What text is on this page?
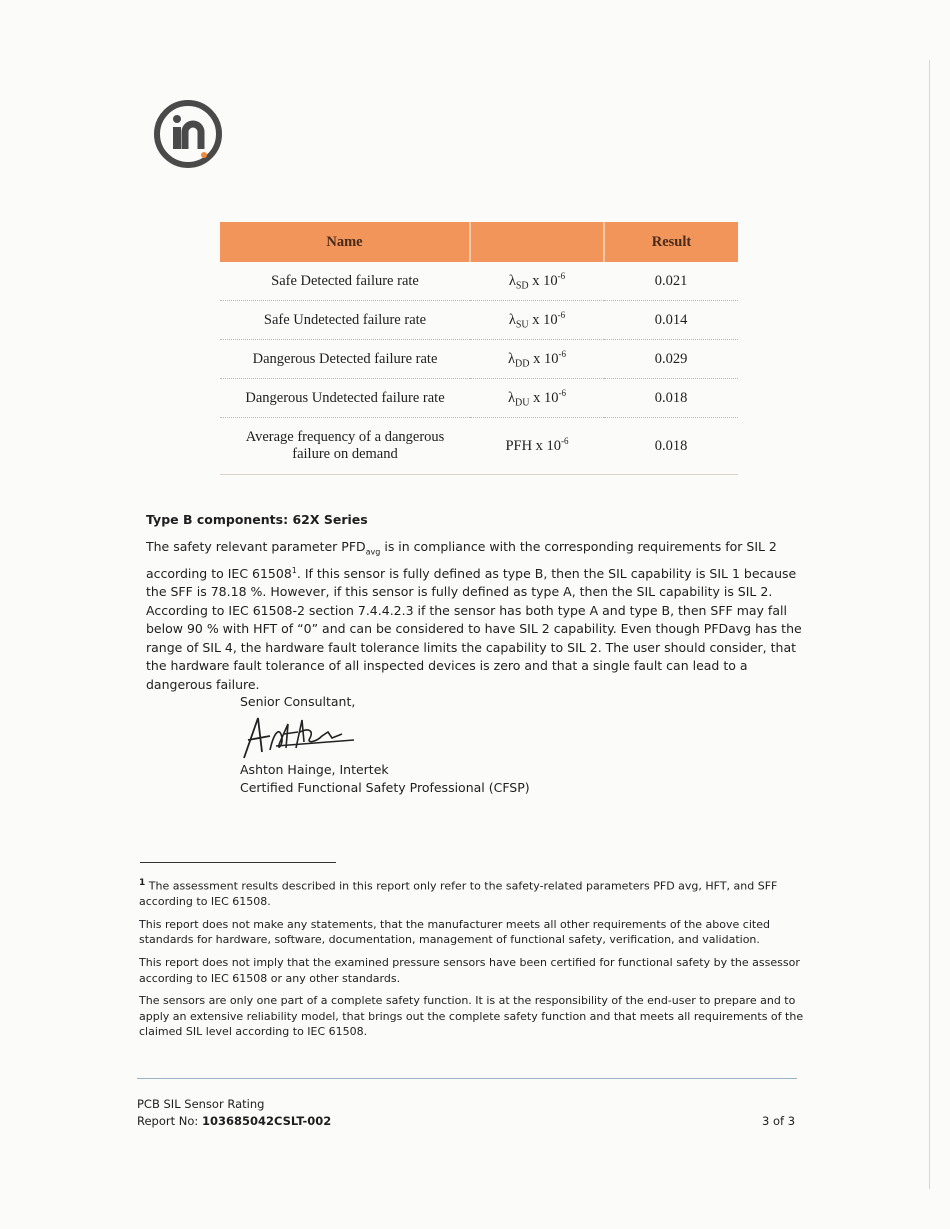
Name		Result
Safe Detected failure rate	$\lambda_{SD}$ x $10^{-6}$	0.021
Safe Undetected failure rate	$\lambda_{SU}$ x $10^{-6}$	0.014
Dangerous Detected failure rate	$\lambda_{DD}$ x $10^{-6}$	0.029
Dangerous Undetected failure rate	$\lambda_{DU}$ x $10^{-6}$	0.018
Average frequency of a dangerous
failure on demand	PFH x $10^{-6}$	0.018

Type B components: 62X Series

The safety relevant parameter $PFD_{avg}$ is in compliance with the corresponding requirements for SIL 2 according to IEC 61508$^1$. If this sensor is fully defined as type B, then the SIL capability is SIL 1 because the SFF is 78.18 %. However, if this sensor is fully defined as type A, then the SIL capability is SIL 2. According to IEC 61508-2 section 7.4.4.2.3 if the sensor has both type A and type B, then SFF may fall below 90 % with HFT of “0” and can be considered to have SIL 2 capability. Even though PFDavg has the range of SIL 4, the hardware fault tolerance limits the capability to SIL 2. The user should consider, that the hardware fault tolerance of all inspected devices is zero and that a single fault can lead to a dangerous failure.

Senior Consultant,

Ashton Hainge, Intertek

Certified Functional Safety Professional (CFSP)

$^1$ The assessment results described in this report only refer to the safety-related parameters PFD avg, HFT, and SFF according to IEC 61508.

This report does not make any statements, that the manufacturer meets all other requirements of the above cited standards for hardware, software, documentation, management of functional safety, verification, and validation.

This report does not imply that the examined pressure sensors have been certified for functional safety by the assessor according to IEC 61508 or any other standards.

The sensors are only one part of a complete safety function. It is at the responsibility of the end-user to prepare and to apply an extensive reliability model, that brings out the complete safety function and that meets all requirements of the claimed SIL level according to IEC 61508.

PCB SIL Sensor Rating

Report No: 103685042CSLT-002	3 of 3
